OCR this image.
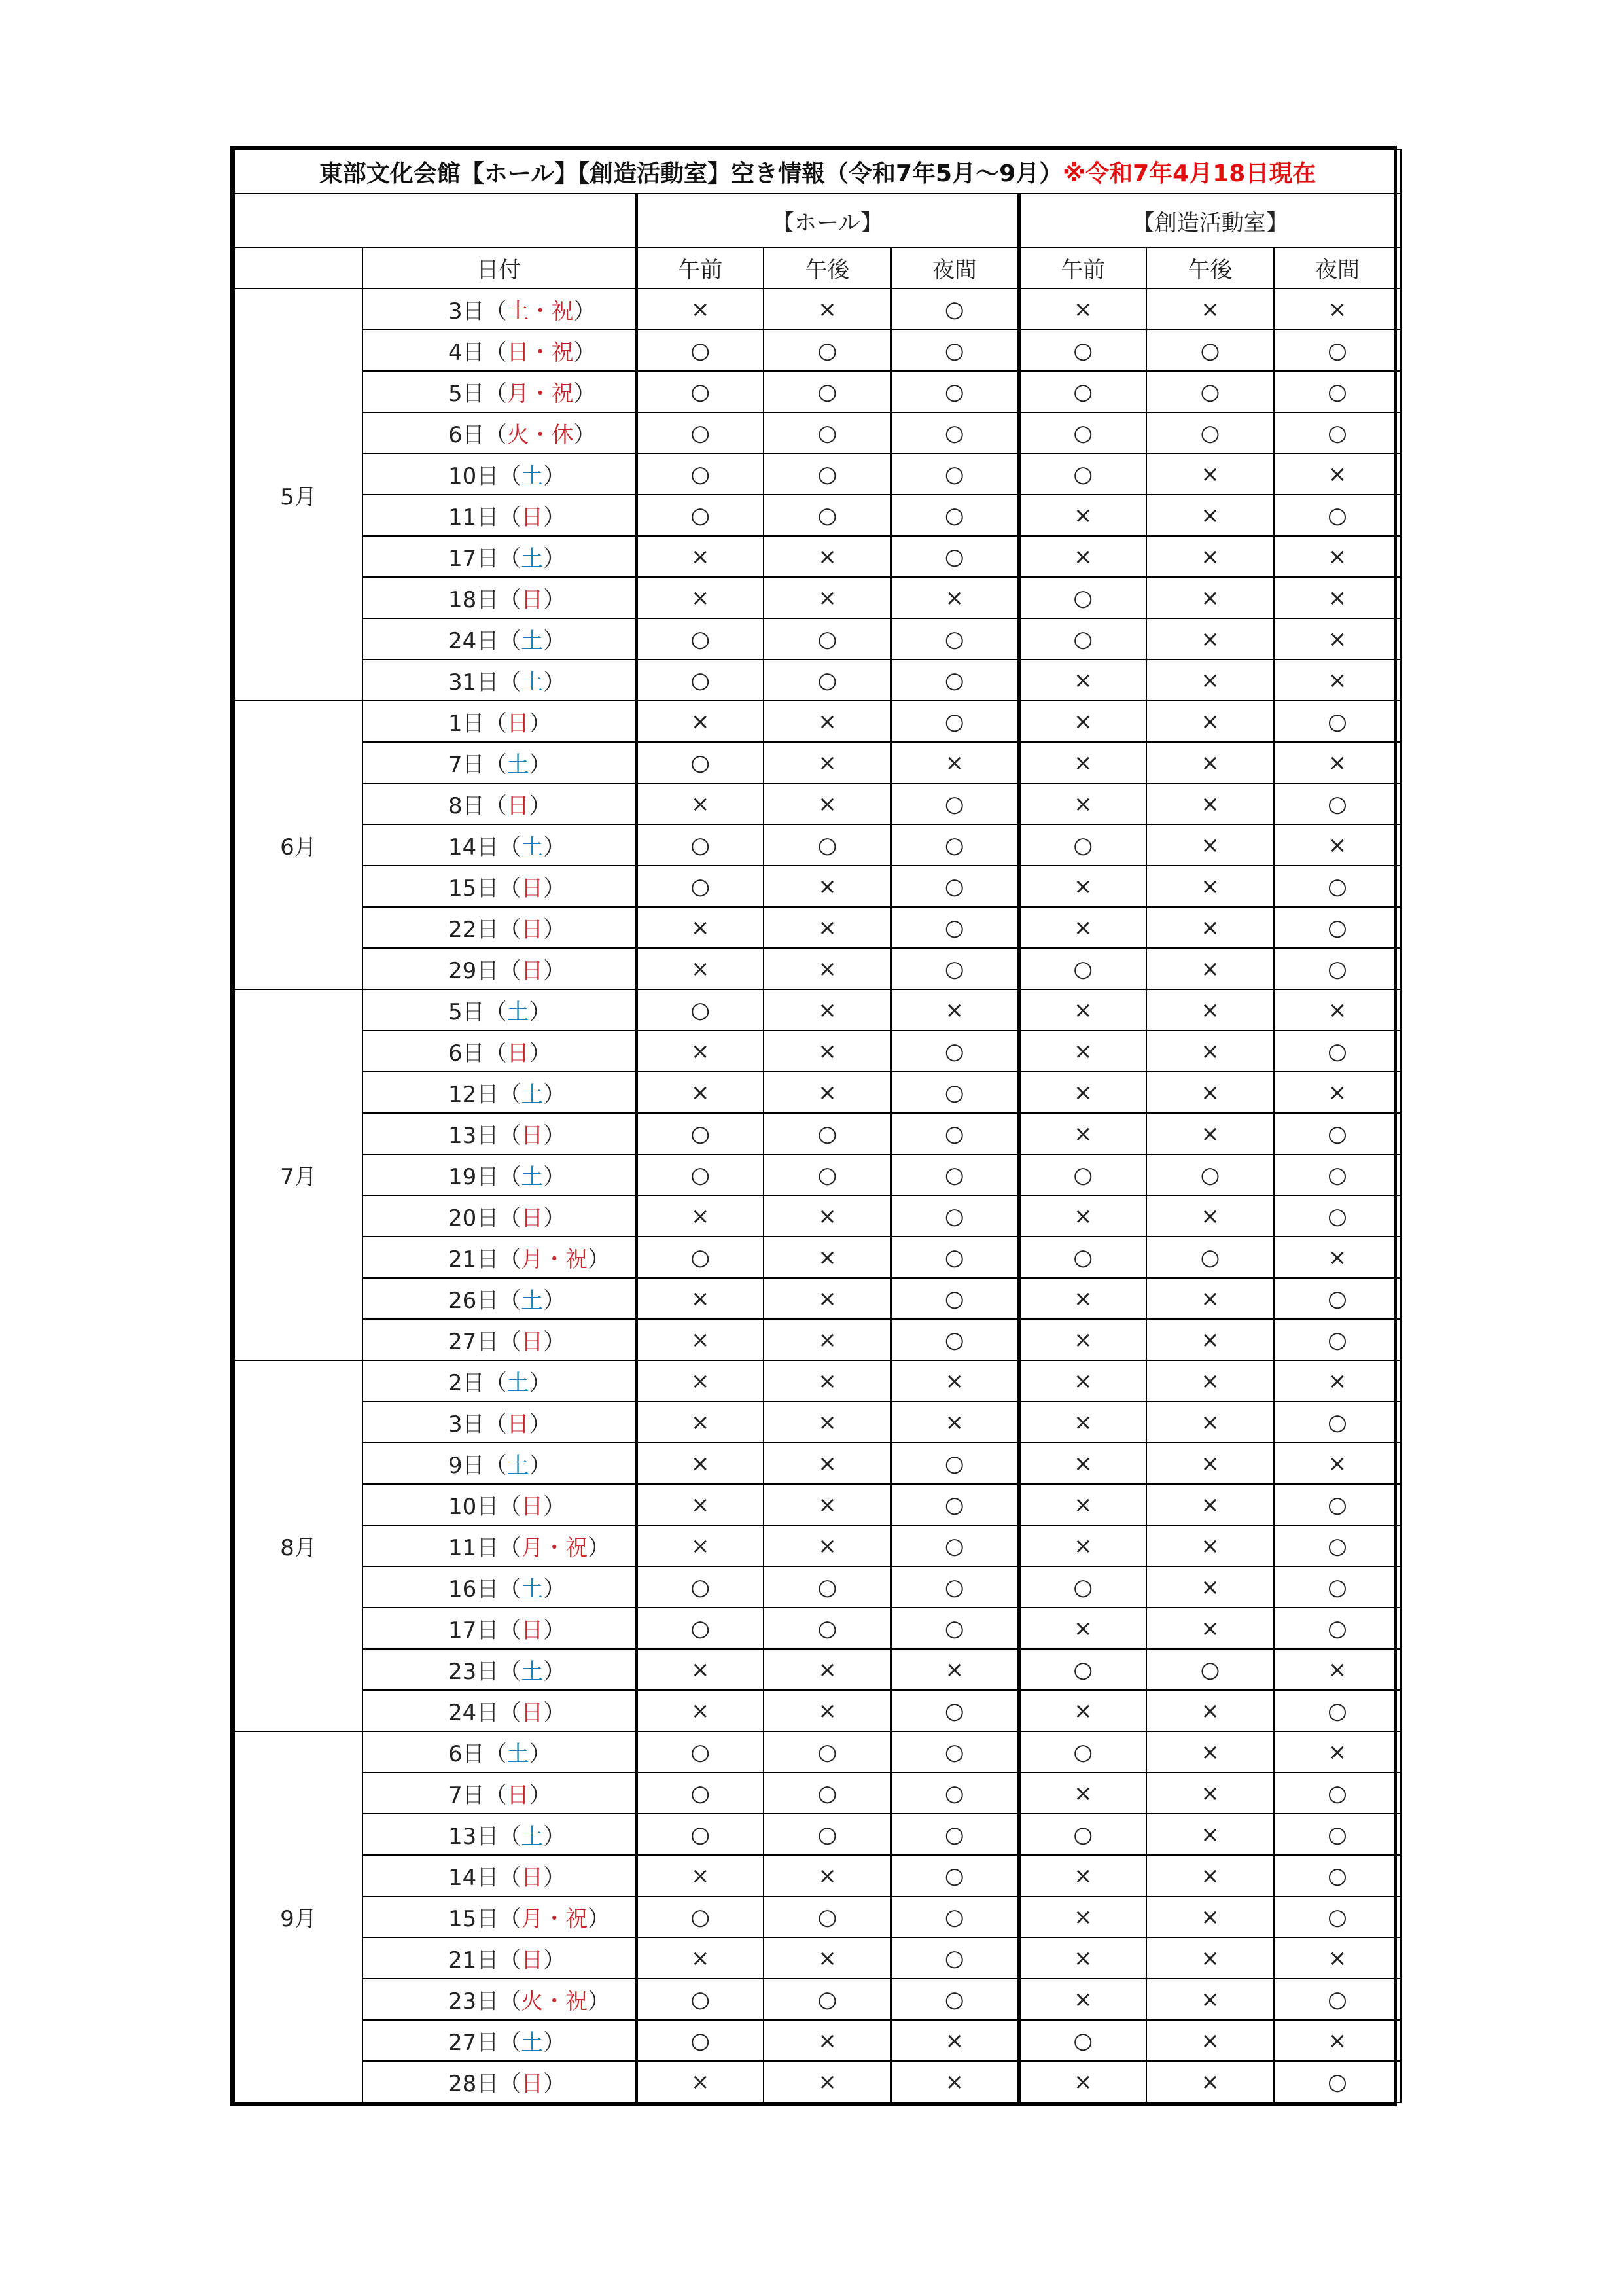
東部文化会館【ホール】【創造活動室】空き情報（令和7年5月～9月）※令和7年4月18日現在							
		【ホール】			【創造活動室】		
	日付	午前	午後	夜間	午前	午後	夜間
5月	3日（土・祝）	×	×	○	×	×	×
	4日（日・祝）	○	○	○	○	○	○
	5日（月・祝）	○	○	○	○	○	○
	6日（火・休）	○	○	○	○	○	○
	10日（土）	○	○	○	○	×	×
	11日（日）	○	○	○	×	×	○
	17日（土）	×	×	○	×	×	×
	18日（日）	×	×	×	○	×	×
	24日（土）	○	○	○	○	×	×
	31日（土）	○	○	○	×	×	×
6月	1日（日）	×	×	○	×	×	○
	7日（土）	○	×	×	×	×	×
	8日（日）	×	×	○	×	×	○
	14日（土）	○	○	○	○	×	×
	15日（日）	○	×	○	×	×	○
	22日（日）	×	×	○	×	×	○
	29日（日）	×	×	○	○	×	○
7月	5日（土）	○	×	×	×	×	×
	6日（日）	×	×	○	×	×	○
	12日（土）	×	×	○	×	×	×
	13日（日）	○	○	○	×	×	○
	19日（土）	○	○	○	○	○	○
	20日（日）	×	×	○	×	×	○
	21日（月・祝）	○	×	○	○	○	×
	26日（土）	×	×	○	×	×	○
	27日（日）	×	×	○	×	×	○
8月	2日（土）	×	×	×	×	×	×
	3日（日）	×	×	×	×	×	○
	9日（土）	×	×	○	×	×	×
	10日（日）	×	×	○	×	×	○
	11日（月・祝）	×	×	○	×	×	○
	16日（土）	○	○	○	○	×	○
	17日（日）	○	○	○	×	×	○
	23日（土）	×	×	×	○	○	×
	24日（日）	×	×	○	×	×	○
9月	6日（土）	○	○	○	○	×	×
	7日（日）	○	○	○	×	×	○
	13日（土）	○	○	○	○	×	○
	14日（日）	×	×	○	×	×	○
	15日（月・祝）	○	○	○	×	×	○
	21日（日）	×	×	○	×	×	×
	23日（火・祝）	○	○	○	×	×	○
	27日（土）	○	×	×	○	×	×
	28日（日）	×	×	×	×	×	○
